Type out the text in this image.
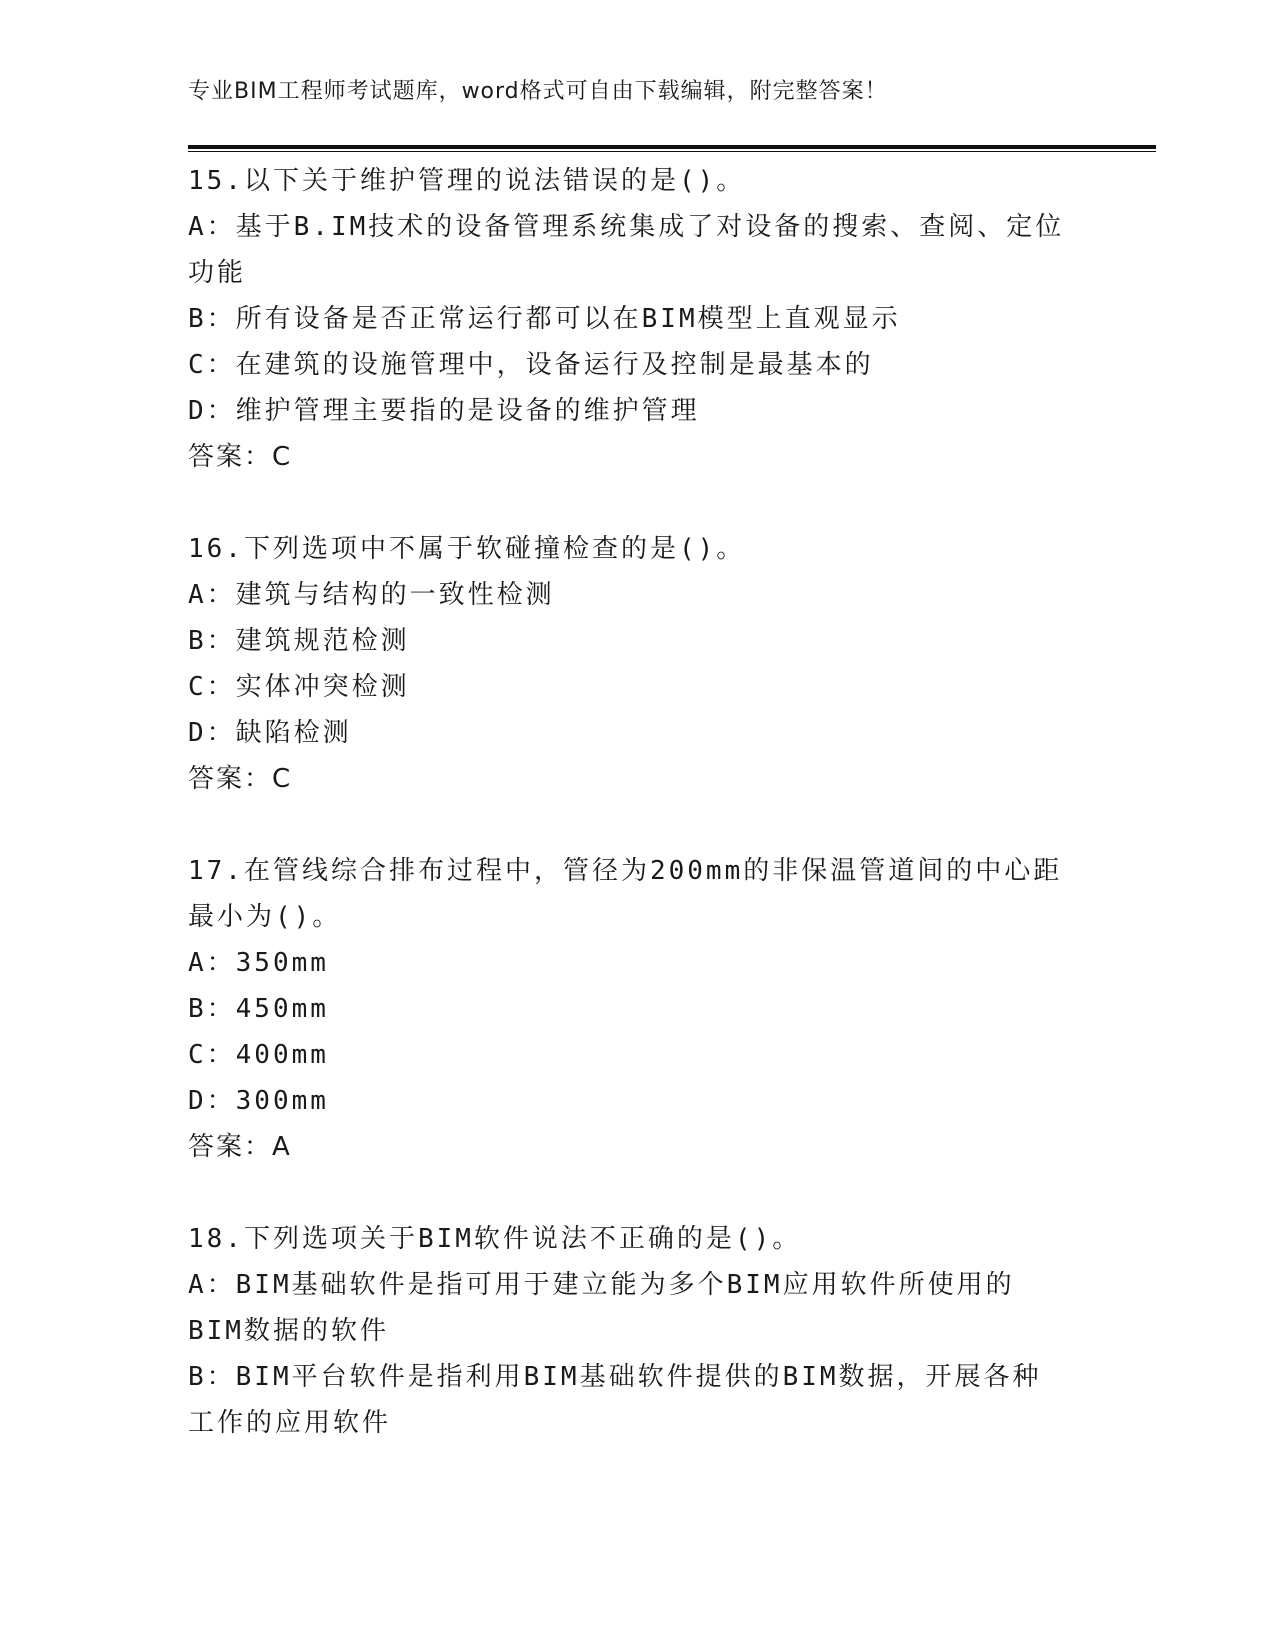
专业BIM工程师考试题库，word格式可自由下载编辑，附完整答案！
15.以下关于维护管理的说法错误的是()。
A：基于B.IM技术的设备管理系统集成了对设备的搜索、查阅、定位功能
B：所有设备是否正常运行都可以在BIM模型上直观显示
C：在建筑的设施管理中，设备运行及控制是最基本的
D：维护管理主要指的是设备的维护管理
答案：C
16.下列选项中不属于软碰撞检查的是()。
A：建筑与结构的一致性检测
B：建筑规范检测
C：实体冲突检测
D：缺陷检测
答案：C
17.在管线综合排布过程中，管径为200mm的非保温管道间的中心距最小为()。
A：350mm
B：450mm
C：400mm
D：300mm
答案：A
18.下列选项关于BIM软件说法不正确的是()。
A：BIM基础软件是指可用于建立能为多个BIM应用软件所使用的BIM数据的软件
B：BIM平台软件是指利用BIM基础软件提供的BIM数据，开展各种工作的应用软件
